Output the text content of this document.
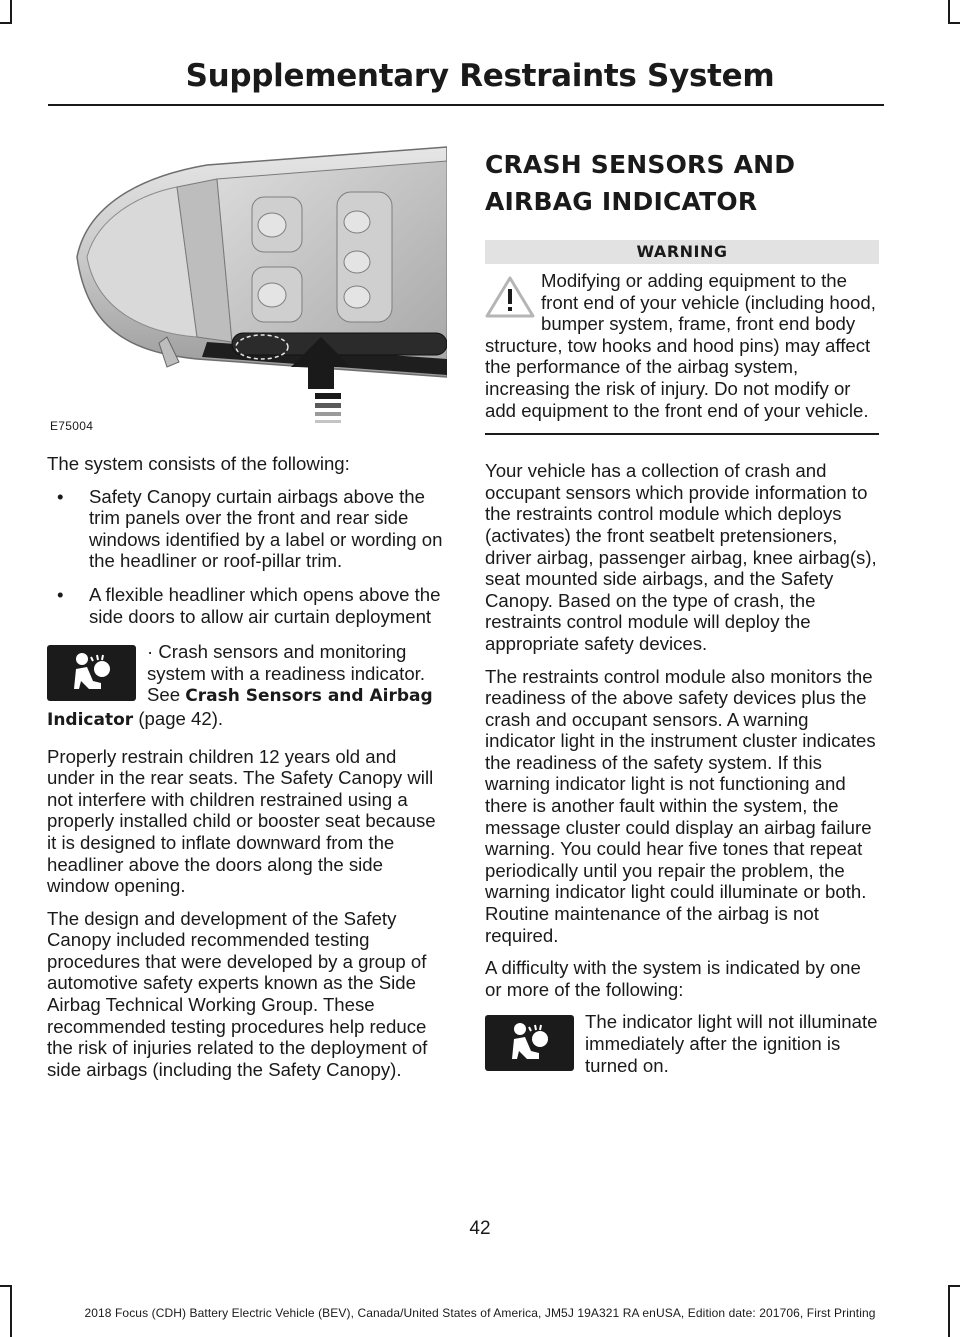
Supplementary Restraints System
E75004

The system consists of the following:

• Safety Canopy curtain airbags above the trim panels over the front and rear side windows identified by a label or wording on the headliner or roof-pillar trim.
• A flexible headliner which opens above the side doors to allow air curtain deployment
· Crash sensors and monitoring system with a readiness indicator. See Crash Sensors and Airbag Indicator (page 42).

Properly restrain children 12 years old and under in the rear seats. The Safety Canopy will not interfere with children restrained using a properly installed child or booster seat because it is designed to inflate downward from the headliner above the doors along the side window opening.

The design and development of the Safety Canopy included recommended testing procedures that were developed by a group of automotive safety experts known as the Side Airbag Technical Working Group. These recommended testing procedures help reduce the risk of injuries related to the deployment of side airbags (including the Safety Canopy).

CRASH SENSORS AND
AIRBAG INDICATOR
WARNING
Modifying or adding equipment to the front end of your vehicle (including hood, bumper system, frame, front end body structure, tow hooks and hood pins) may affect the performance of the airbag system, increasing the risk of injury. Do not modify or add equipment to the front end of your vehicle.

Your vehicle has a collection of crash and occupant sensors which provide information to the restraints control module which deploys (activates) the front seatbelt pretensioners, driver airbag, passenger airbag, knee airbag(s), seat mounted side airbags, and the Safety Canopy. Based on the type of crash, the restraints control module will deploy the appropriate safety devices.

The restraints control module also monitors the readiness of the above safety devices plus the crash and occupant sensors. A warning indicator light in the instrument cluster indicates the readiness of the safety system. If this warning indicator light is not functioning and there is another fault within the system, the message cluster could display an airbag failure warning. You could hear five tones that repeat periodically until you repair the problem, the warning indicator light could illuminate or both. Routine maintenance of the airbag is not required.

A difficulty with the system is indicated by one or more of the following:

The indicator light will not illuminate immediately after the ignition is turned on.
42
2018 Focus (CDH) Battery Electric Vehicle (BEV), Canada/United States of America, JM5J 19A321 RA enUSA, Edition date: 201706, First Printing
